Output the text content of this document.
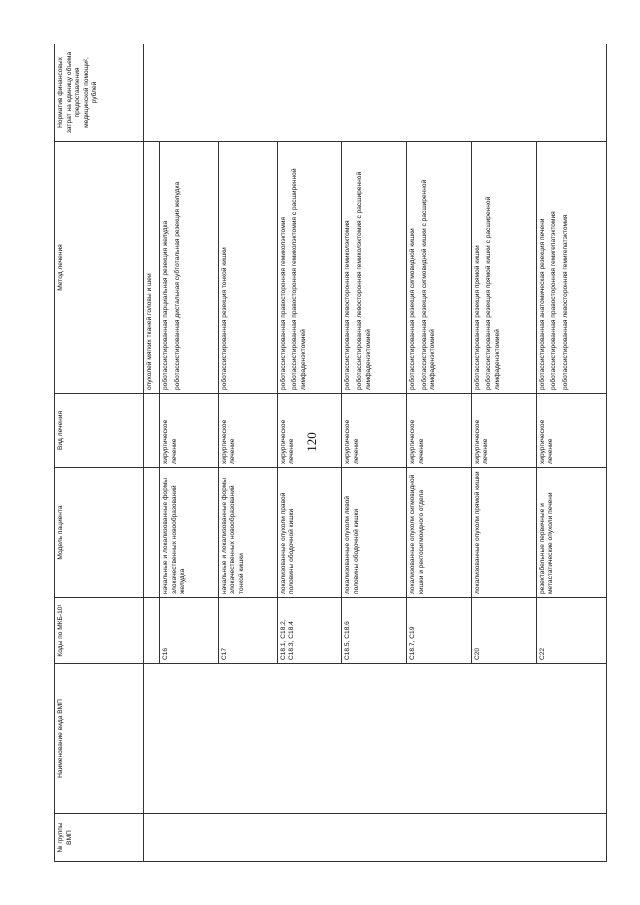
120
№ группы ВМП	Наименование вида ВМП	Коды по МКБ-10¹	Модель пациента	Вид лечения	Метод лечения	Норматив финансовых затрат на единицу объема предоставления медицинской помощи², рублей
					опухолей мягких тканей головы и шеи	
		C16	начальные и локализованные формы злокачественных новообразований желудка	хирургическое лечение	роботассистированная парциальная резекция желудка роботассистированная дистальная субтотальная резекция желудка	

		C17	начальные и локализованные формы злокачественных новообразований тонкой кишки	хирургическое лечение	роботассистированная резекция тонкой кишки	

		C18.1, C18.2, C18.3, C18.4	локализованные опухоли правой половины ободочной кишки	хирургическое лечение	роботассистированная правосторонняя гемиколэктомия роботассистированная правосторонняя гемиколэктомия с расширенной лимфаденэктомией	

		C18.5, C18.6	локализованные опухоли левой половины ободочной кишки	хирургическое лечение	роботассистированная левосторонняя гемиколэктомия роботассистированная левосторонняя гемиколэктомия с расширенной лимфаденэктомией	

		C18.7, C19	локализованные опухоли сигмовидной кишки и ректосигмоидного отдела	хирургическое лечение	роботассистированная резекция сигмовидной кишки роботассистированная резекция сигмовидной кишки с расширенной лимфаденэктомией	

		C20	локализованные опухоли прямой кишки	хирургическое лечение	роботассистированная резекция прямой кишки роботассистированная резекция прямой кишки с расширенной лимфаденэктомией	

		C22	резектабельные первичные и метастатические опухоли печени	хирургическое лечение	роботассистированная анатомическая резекция печени роботассистированная правосторонняя гемигепатэктомия роботассистированная левосторонняя гемигепатэктомия	
